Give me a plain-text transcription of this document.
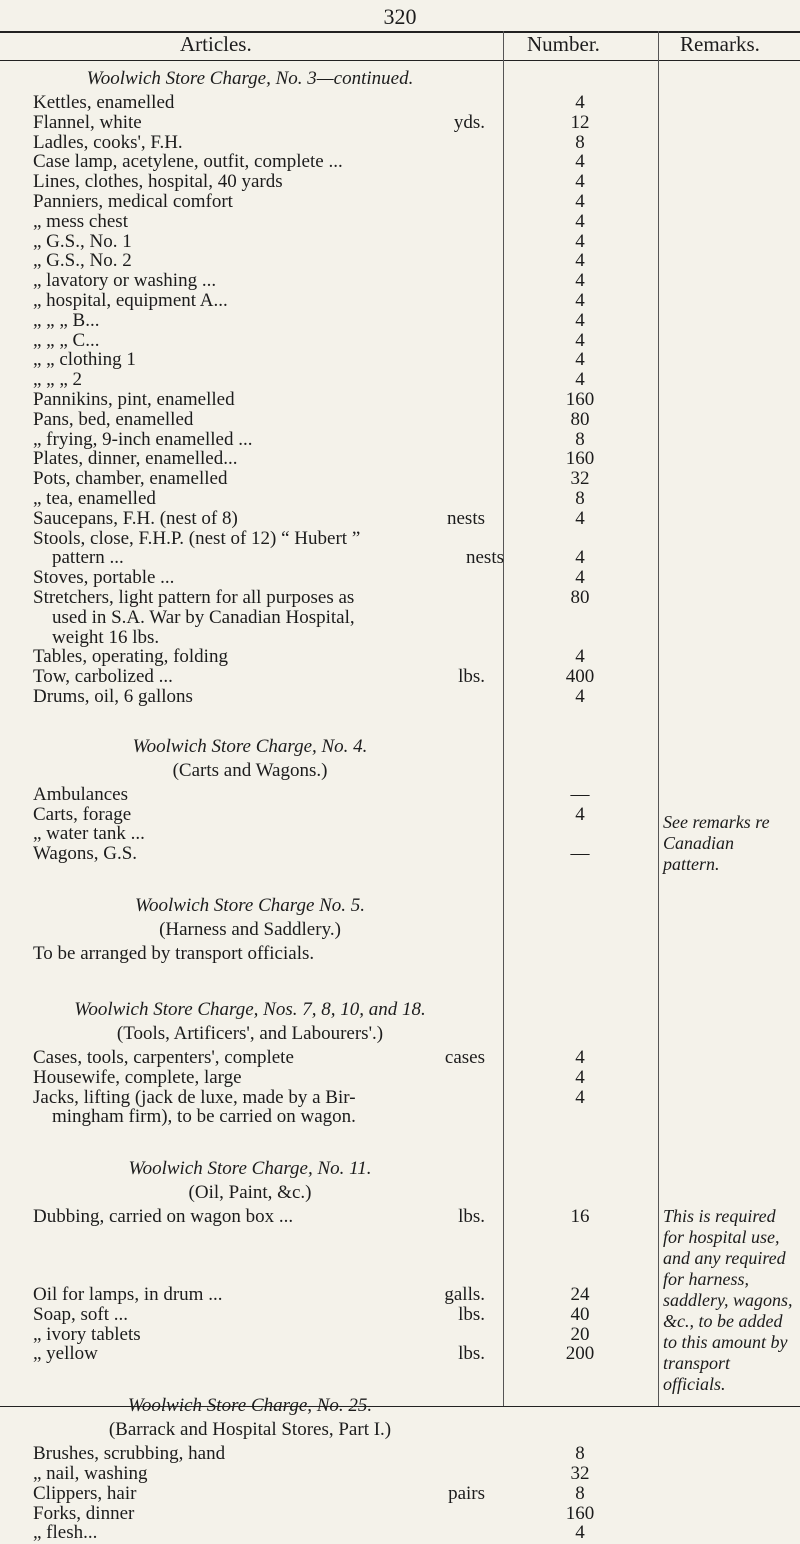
320
Articles.	Number.	Remarks.
Woolwich Store Charge, No. 3—continued.
Kettles, enamelled	4
Flannel, white	yds.	12
Ladles, cooks', F.H.	8
Case lamp, acetylene, outfit, complete ...	4
Lines, clothes, hospital, 40 yards	4
Panniers, medical comfort	4
„ mess chest	4
„ G.S., No. 1	4
„ G.S., No. 2	4
„ lavatory or washing ...	4
„ hospital, equipment A...	4
„ „ „ B...	4
„ „ „ C...	4
„ „ clothing 1	4
„ „ „ 2	4
Pannikins, pint, enamelled	160
Pans, bed, enamelled	80
„ frying, 9-inch enamelled ...	8
Plates, dinner, enamelled...	160
Pots, chamber, enamelled	32
„ tea, enamelled	8
Saucepans, F.H. (nest of 8)	nests	4
Stools, close, F.H.P. (nest of 12) “ Hubert ”
pattern ...	nests	4
Stoves, portable ...	4
Stretchers, light pattern for all purposes as	80
used in S.A. War by Canadian Hospital,
weight 16 lbs.
Tables, operating, folding	4
Tow, carbolized ...	lbs.	400
Drums, oil, 6 gallons	4
Woolwich Store Charge, No. 4.
(Carts and Wagons.)
Ambulances	—
Carts, forage	4
„ water tank ...
Wagons, G.S.	—
See remarks re Canadian pattern.
Woolwich Store Charge No. 5.
(Harness and Saddlery.)
To be arranged by transport officials.
Woolwich Store Charge, Nos. 7, 8, 10, and 18.
(Tools, Artificers', and Labourers'.)
Cases, tools, carpenters', complete	cases	4
Housewife, complete, large	4
Jacks, lifting (jack de luxe, made by a Bir-	4
mingham firm), to be carried on wagon.
Woolwich Store Charge, No. 11.
(Oil, Paint, &c.)
Dubbing, carried on wagon box ...	lbs.	16
Oil for lamps, in drum ...	galls.	24
Soap, soft ...	lbs.	40
„ ivory tablets	20
„ yellow	lbs.	200
This is required for hospital use, and any required for harness, saddlery, wagons, &c., to be added to this amount by transport officials.
Woolwich Store Charge, No. 25.
(Barrack and Hospital Stores, Part I.)
Brushes, scrubbing, hand	8
„ nail, washing	32
Clippers, hair	pairs	8
Forks, dinner	160
„ flesh...	4
